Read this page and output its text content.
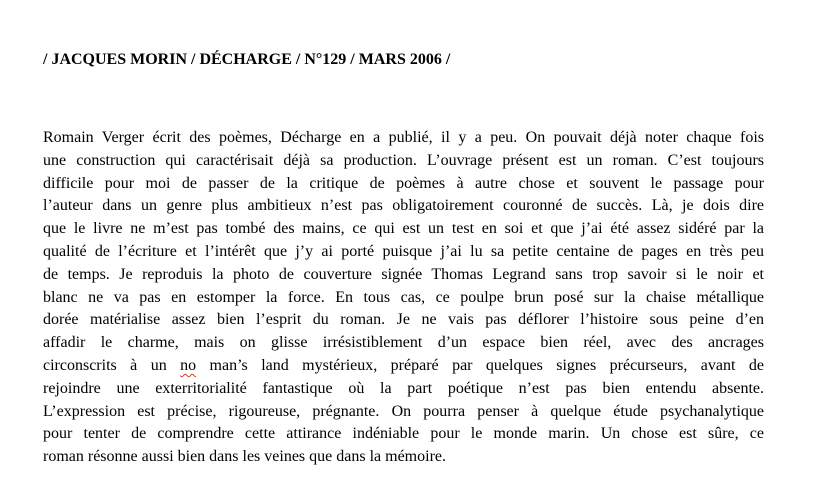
/ JACQUES MORIN / DÉCHARGE / N°129 / MARS 2006 /
Romain Verger écrit des poèmes, Décharge en a publié, il y a peu. On pouvait déjà noter chaque fois
une construction qui caractérisait déjà sa production. L’ouvrage présent est un roman. C’est toujours
difficile pour moi de passer de la critique de poèmes à autre chose et souvent le passage pour
l’auteur dans un genre plus ambitieux n’est pas obligatoirement couronné de succès. Là, je dois dire
que le livre ne m’est pas tombé des mains, ce qui est un test en soi et que j’ai été assez sidéré par la
qualité de l’écriture et l’intérêt que j’y ai porté puisque j’ai lu sa petite centaine de pages en très peu
de temps. Je reproduis la photo de couverture signée Thomas Legrand sans trop savoir si le noir et
blanc ne va pas en estomper la force. En tous cas, ce poulpe brun posé sur la chaise métallique
dorée matérialise assez bien l’esprit du roman. Je ne vais pas déflorer l’histoire sous peine d’en
affadir le charme, mais on glisse irrésistiblement d’un espace bien réel, avec des ancrages
circonscrits à un no man’s land mystérieux, préparé par quelques signes précurseurs, avant de
rejoindre une exterritorialité fantastique où la part poétique n’est pas bien entendu absente.
L’expression est précise, rigoureuse, prégnante. On pourra penser à quelque étude psychanalytique
pour tenter de comprendre cette attirance indéniable pour le monde marin. Un chose est sûre, ce
roman résonne aussi bien dans les veines que dans la mémoire.
